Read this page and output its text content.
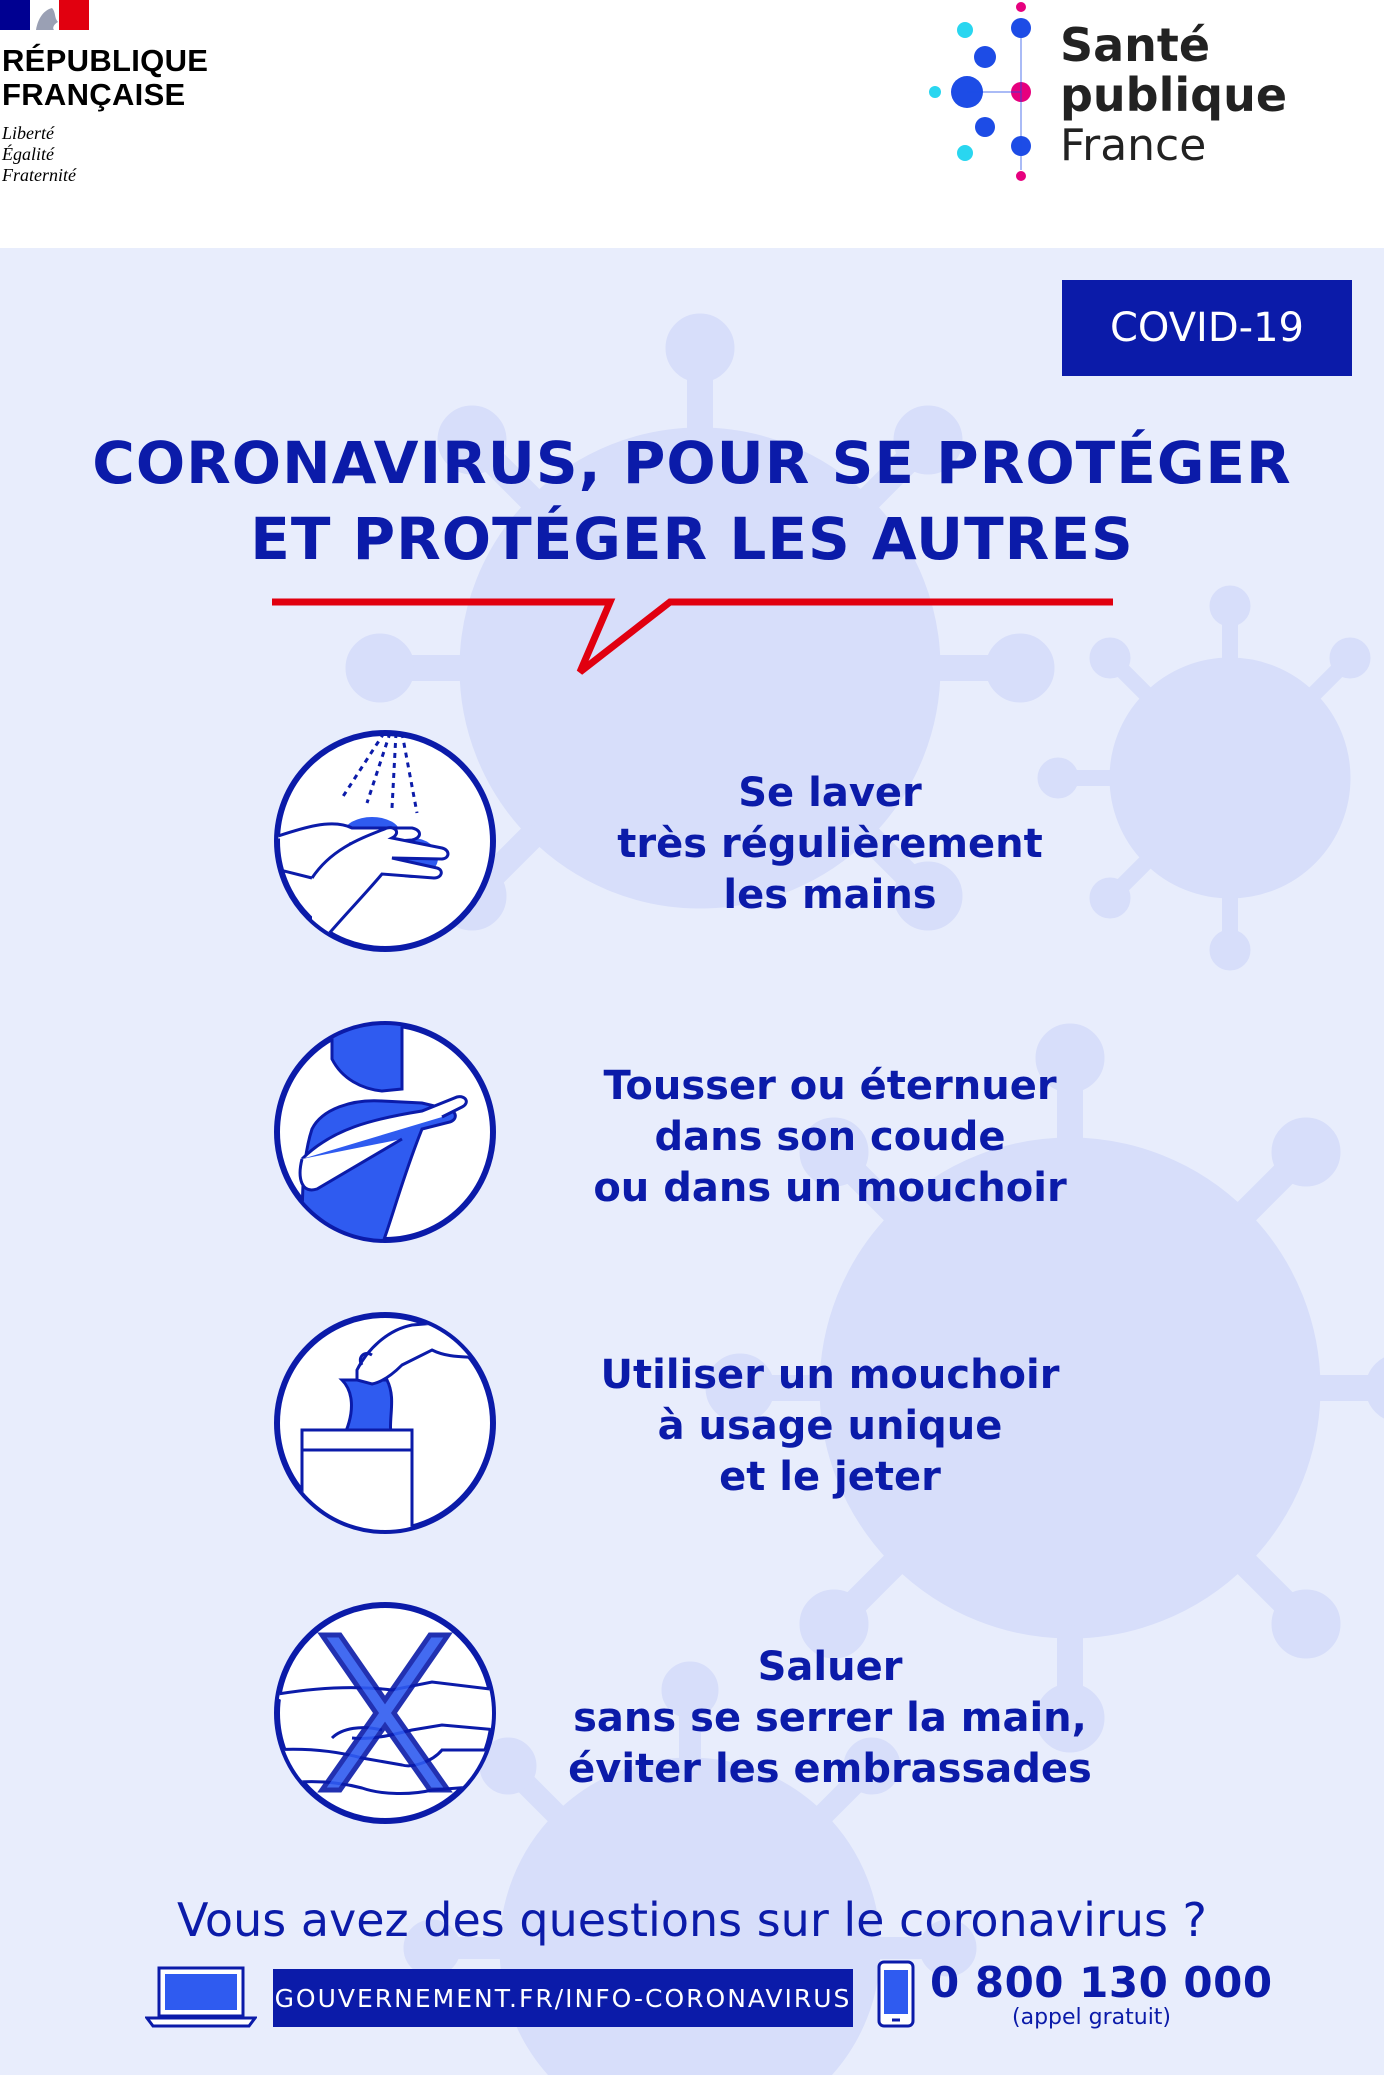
RÉPUBLIQUE
FRANÇAISE
Liberté
Égalité
Fraternité
Santé
publique
France
COVID-19
CORONAVIRUS, POUR SE PROTÉGER
ET PROTÉGER LES AUTRES
Se laver
très régulièrement
les mains
Tousser ou éternuer
dans son coude
ou dans un mouchoir
Utiliser un mouchoir
à usage unique
et le jeter
Saluer
sans se serrer la main,
éviter les embrassades
Vous avez des questions sur le coronavirus ?
GOUVERNEMENT.FR/INFO-CORONAVIRUS 0 800 130 000
(appel gratuit)
